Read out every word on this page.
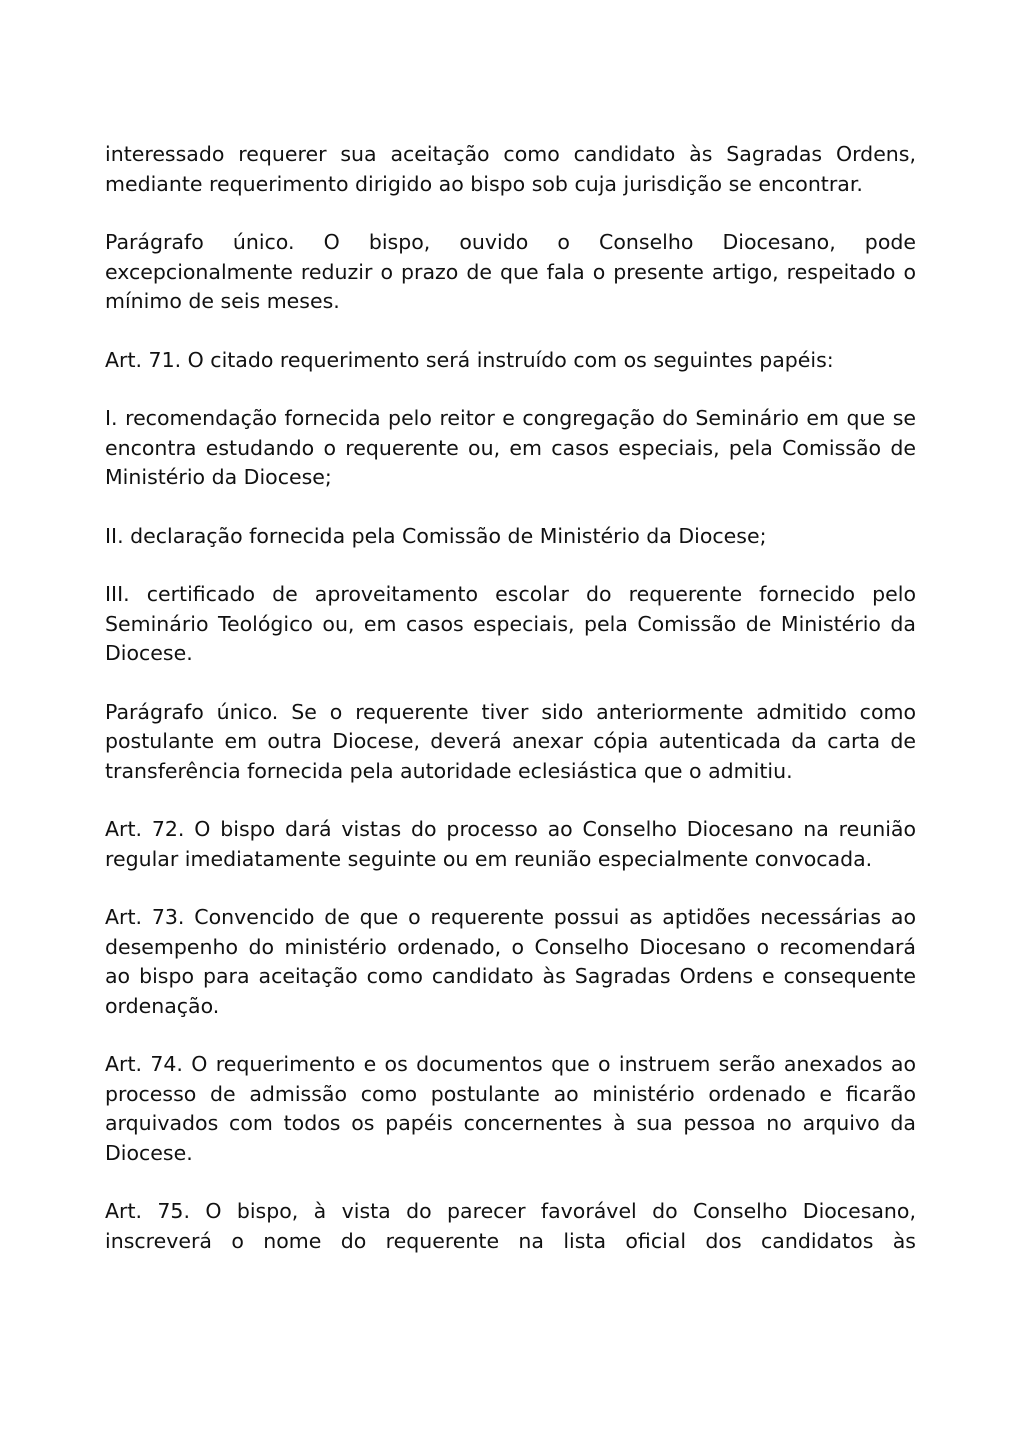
interessado requerer sua aceitação como candidato às Sagradas Ordens, mediante requerimento dirigido ao bispo sob cuja jurisdição se encontrar.

Parágrafo único. O bispo, ouvido o Conselho Diocesano, pode excepcionalmente reduzir o prazo de que fala o presente artigo, respeitado o mínimo de seis meses.

Art. 71. O citado requerimento será instruído com os seguintes papéis:

I. recomendação fornecida pelo reitor e congregação do Seminário em que se encontra estudando o requerente ou, em casos especiais, pela Comissão de Ministério da Diocese;

II. declaração fornecida pela Comissão de Ministério da Diocese;

III. certificado de aproveitamento escolar do requerente fornecido pelo Seminário Teológico ou, em casos especiais, pela Comissão de Ministério da Diocese.

Parágrafo único. Se o requerente tiver sido anteriormente admitido como postulante em outra Diocese, deverá anexar cópia autenticada da carta de transferência fornecida pela autoridade eclesiástica que o admitiu.

Art. 72. O bispo dará vistas do processo ao Conselho Diocesano na reunião regular imediatamente seguinte ou em reunião especialmente convocada.

Art. 73. Convencido de que o requerente possui as aptidões necessárias ao desempenho do ministério ordenado, o Conselho Diocesano o recomendará ao bispo para aceitação como candidato às Sagradas Ordens e consequente ordenação.

Art. 74. O requerimento e os documentos que o instruem serão anexados ao processo de admissão como postulante ao ministério ordenado e ficarão arquivados com todos os papéis concernentes à sua pessoa no arquivo da Diocese.

Art. 75. O bispo, à vista do parecer favorável do Conselho Diocesano, inscreverá o nome do requerente na lista oficial dos candidatos às
